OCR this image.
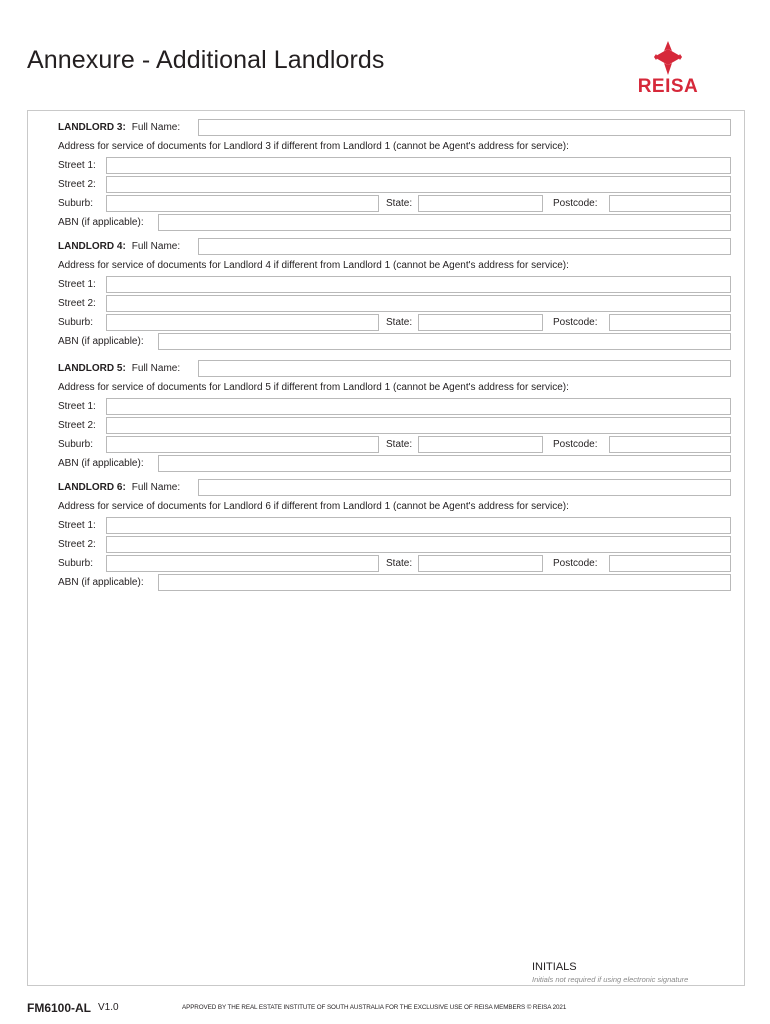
Annexure - Additional Landlords
REISA
LANDLORD 3: Full Name:
Address for service of documents for Landlord 3 if different from Landlord 1 (cannot be Agent's address for service):
Street 1:
Street 2:
Suburb:	State:	Postcode:
ABN (if applicable):
LANDLORD 4: Full Name:
Address for service of documents for Landlord 4 if different from Landlord 1 (cannot be Agent's address for service):
Street 1:
Street 2:
Suburb:	State:	Postcode:
ABN (if applicable):
LANDLORD 5: Full Name:
Address for service of documents for Landlord 5 if different from Landlord 1 (cannot be Agent's address for service):
Street 1:
Street 2:
Suburb:	State:	Postcode:
ABN (if applicable):
LANDLORD 6: Full Name:
Address for service of documents for Landlord 6 if different from Landlord 1 (cannot be Agent's address for service):
Street 1:
Street 2:
Suburb:	State:	Postcode:
ABN (if applicable):
INITIALS
Initials not required if using electronic signature
FM6100-AL V1.0	APPROVED BY THE REAL ESTATE INSTITUTE OF SOUTH AUSTRALIA FOR THE EXCLUSIVE USE OF REISA MEMBERS © REISA 2021
